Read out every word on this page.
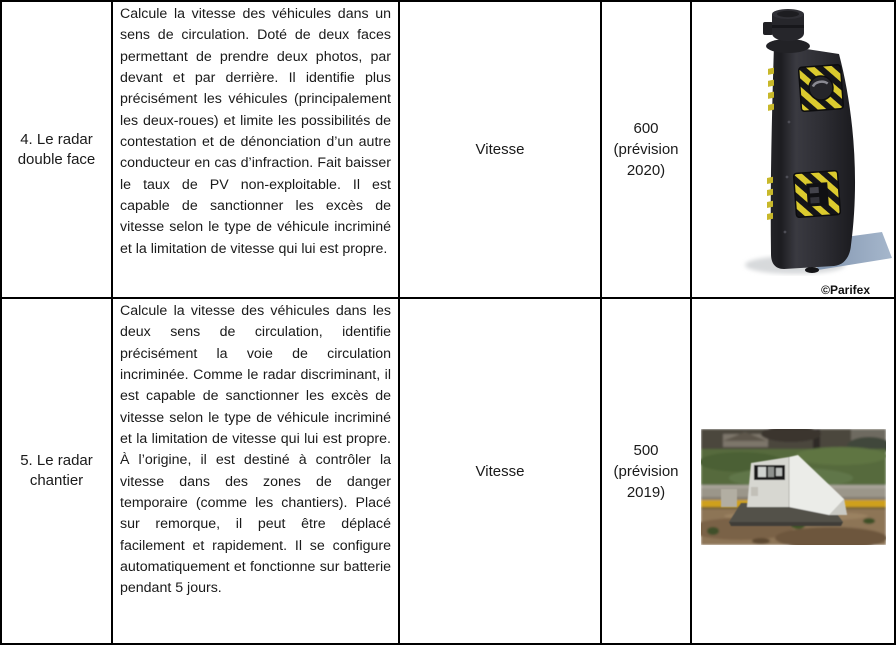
4. Le radar double face
Calcule la vitesse des véhicules dans un sens de circulation. Doté de deux faces permettant de prendre deux photos, par devant et par derrière. Il identifie plus précisément les véhicules (principalement les deux-roues) et limite les possibilités de contestation et de dénonciation d’un autre conducteur en cas d’infraction. Fait baisser le taux de PV non-exploitable. Il est capable de sanctionner les excès de vitesse selon le type de véhicule incriminé et la limitation de vitesse qui lui est propre.
Vitesse
600 (prévision 2020)
©Parifex
5. Le radar chantier
Calcule la vitesse des véhicules dans les deux sens de circulation, identifie précisément la voie de circulation incriminée. Comme le radar discriminant, il est capable de sanctionner les excès de vitesse selon le type de véhicule incriminé et la limitation de vitesse qui lui est propre. À l’origine, il est destiné à contrôler la vitesse dans des zones de danger temporaire (comme les chantiers). Placé sur remorque, il peut être déplacé facilement et rapidement. Il se configure automatiquement et fonctionne sur batterie pendant 5 jours.
Vitesse
500 (prévision 2019)
